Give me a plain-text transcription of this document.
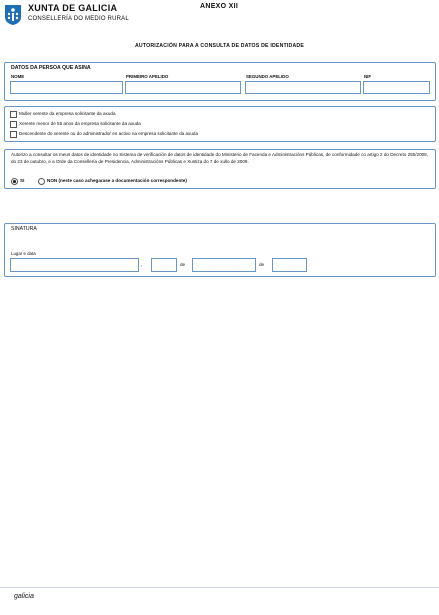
XUNTA DE GALICIA
CONSELLERÍA DO MEDIO RURAL
ANEXO XII
AUTORIZACIÓN PARA A CONSULTA DE DATOS DE IDENTIDADE
DATOS DA PERSOA QUE ASINA
NOME	PRIMEIRO APELIDO	SEGUNDO APELIDO	NIF
Muller xerente da empresa solicitante da axuda
Xerente menor de 55 anos da empresa solicitante da axuda
Descendente do xerente ou do administrador en activo na empresa solicitante da axuda
Autorizo a consultar os meus datos de identidade no Sistema de verificación de datos de identidade do Ministerio de Facenda e Administracións Públicas, de conformidade co artigo 2 do Decreto 255/2008, do 23 de outubro, e a Orde da Consellería de Presidencia, Administracións Públicas e Xustiza do 7 de xullo de 2009.
SI	NON (neste caso achegarase a documentación correspondente)
SINATURA
Lugar e data
,	de	de
galicia
